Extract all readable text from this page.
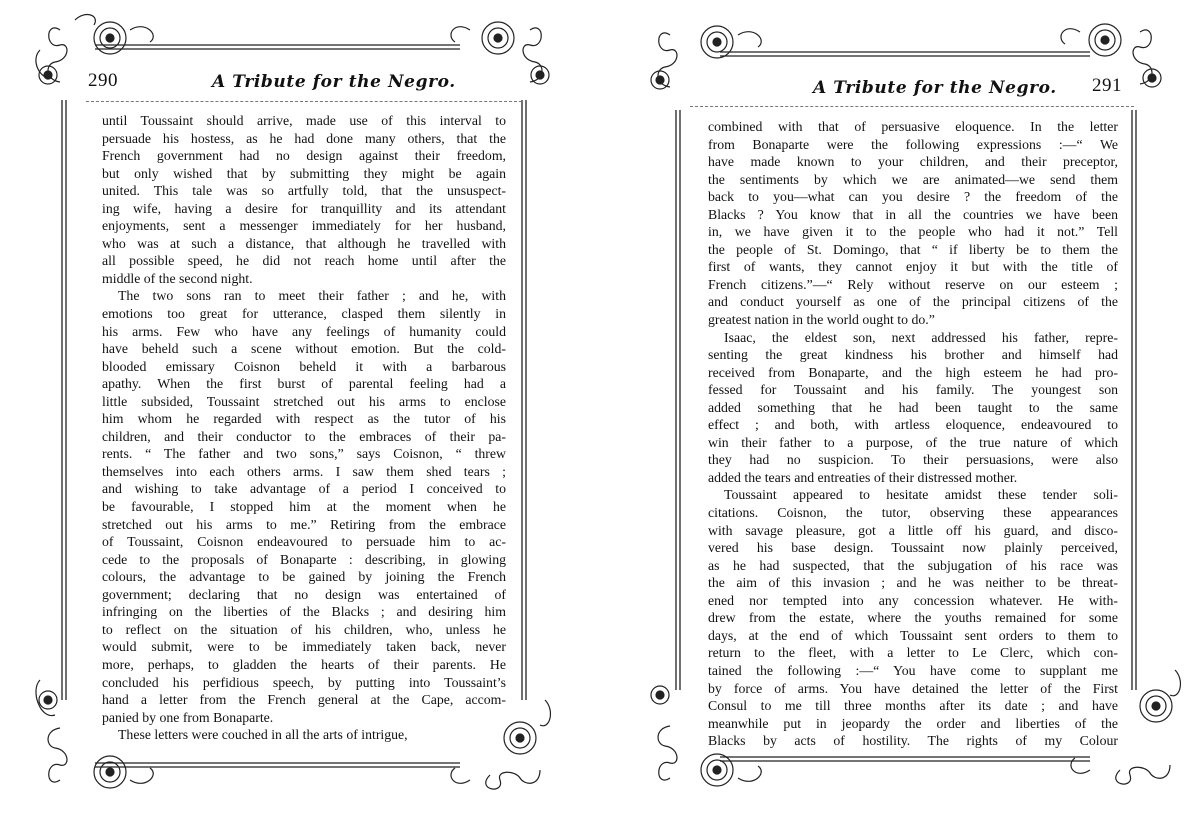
290	A Tribute for the Negro.
until Toussaint should arrive, made use of this interval to
persuade his hostess, as he had done many others, that the
French government had no design against their freedom,
but only wished that by submitting they might be again
united. This tale was so artfully told, that the unsuspect-
ing wife, having a desire for tranquillity and its attendant
enjoyments, sent a messenger immediately for her husband,
who was at such a distance, that although he travelled with
all possible speed, he did not reach home until after the
middle of the second night.
The two sons ran to meet their father ; and he, with
emotions too great for utterance, clasped them silently in
his arms. Few who have any feelings of humanity could
have beheld such a scene without emotion. But the cold-
blooded emissary Coisnon beheld it with a barbarous
apathy. When the first burst of parental feeling had a
little subsided, Toussaint stretched out his arms to enclose
him whom he regarded with respect as the tutor of his
children, and their conductor to the embraces of their pa-
rents. “ The father and two sons,” says Coisnon, “ threw
themselves into each others arms. I saw them shed tears ;
and wishing to take advantage of a period I conceived to
be favourable, I stopped him at the moment when he
stretched out his arms to me.” Retiring from the embrace
of Toussaint, Coisnon endeavoured to persuade him to ac-
cede to the proposals of Bonaparte : describing, in glowing
colours, the advantage to be gained by joining the French
government; declaring that no design was entertained of
infringing on the liberties of the Blacks ; and desiring him
to reflect on the situation of his children, who, unless he
would submit, were to be immediately taken back, never
more, perhaps, to gladden the hearts of their parents. He
concluded his perfidious speech, by putting into Toussaint’s
hand a letter from the French general at the Cape, accom-
panied by one from Bonaparte.
These letters were couched in all the arts of intrigue,
A Tribute for the Negro. 291
combined with that of persuasive eloquence. In the letter
from Bonaparte were the following expressions :—“ We
have made known to your children, and their preceptor,
the sentiments by which we are animated—we send them
back to you—what can you desire ? the freedom of the
Blacks ? You know that in all the countries we have been
in, we have given it to the people who had it not.” Tell
the people of St. Domingo, that “ if liberty be to them the
first of wants, they cannot enjoy it but with the title of
French citizens.”—“ Rely without reserve on our esteem ;
and conduct yourself as one of the principal citizens of the
greatest nation in the world ought to do.”
Isaac, the eldest son, next addressed his father, repre-
senting the great kindness his brother and himself had
received from Bonaparte, and the high esteem he had pro-
fessed for Toussaint and his family. The youngest son
added something that he had been taught to the same
effect ; and both, with artless eloquence, endeavoured to
win their father to a purpose, of the true nature of which
they had no suspicion. To their persuasions, were also
added the tears and entreaties of their distressed mother.
Toussaint appeared to hesitate amidst these tender soli-
citations. Coisnon, the tutor, observing these appearances
with savage pleasure, got a little off his guard, and disco-
vered his base design. Toussaint now plainly perceived,
as he had suspected, that the subjugation of his race was
the aim of this invasion ; and he was neither to be threat-
ened nor tempted into any concession whatever. He with-
drew from the estate, where the youths remained for some
days, at the end of which Toussaint sent orders to them to
return to the fleet, with a letter to Le Clerc, which con-
tained the following :—“ You have come to supplant me
by force of arms. You have detained the letter of the First
Consul to me till three months after its date ; and have
meanwhile put in jeopardy the order and liberties of the
Blacks by acts of hostility. The rights of my Colour
